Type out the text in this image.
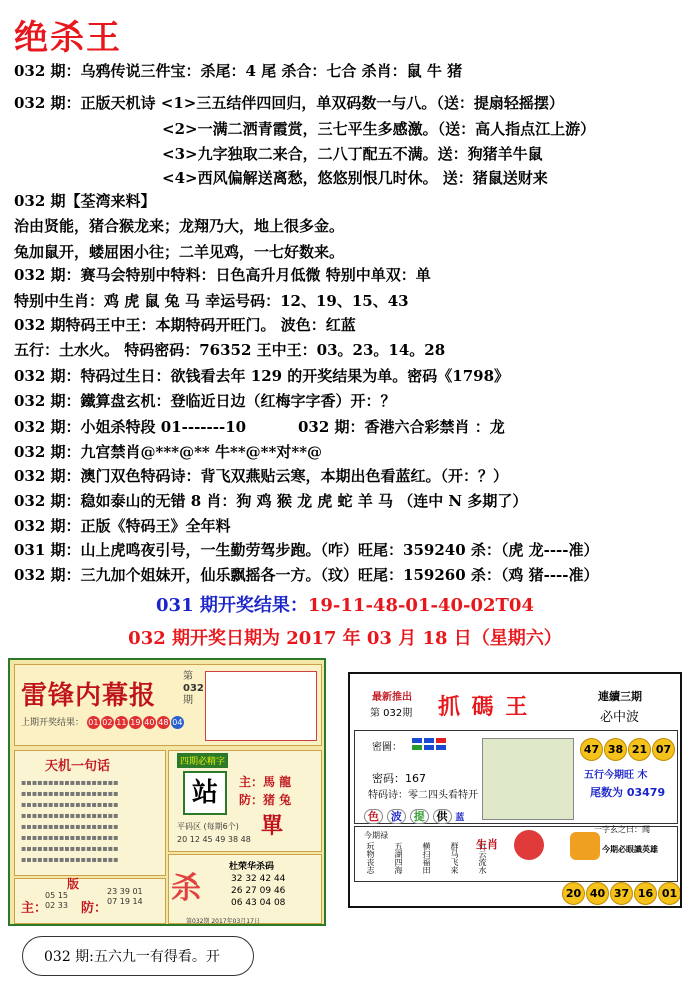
绝杀王
032 期：乌鸦传说三件宝：杀尾：4 尾 杀合：七合 杀肖：鼠 牛 猪
032 期：正版天机诗 <1>三五结伴四回归，单双码数一与八。（送：提扇轻摇摆）
<2>一满二洒青霞赏，三七平生多感激。（送：高人指点江上游）
<3>九字独取二来合，二八丁配五不满。送：狗猪羊牛鼠
<4>西风偏解送离愁，悠悠别恨几时休。 送：猪鼠送财来
032 期【荃湾来料】
治由贤能，猪合猴龙来；龙翔乃大，地上很多金。
兔加鼠开，蝼屈困小往；二羊见鸡，一七好数来。
032 期：赛马会特别中特料：日色高升月低微 特别中单双：单
特别中生肖：鸡 虎 鼠 兔 马 幸运号码：12、19、15、43
032 期特码王中王：本期特码开旺门。 波色：红蓝
五行：土水火。 特码密码：76352 王中王：03。23。14。28
032 期：特码过生日：欲钱看去年 129 的开奖结果为单。密码《1798》
032 期：鐵算盘玄机：登临近日边（红梅字字香）开：？
032 期：小姐杀特段 01-------10	032 期：香港六合彩禁肖 ：龙
032 期：九宫禁肖@***@** 牛**@**对**@
032 期：澳门双色特码诗：背飞双燕贴云寒，本期出色看蓝红。（开：？）
032 期：稳如泰山的无错 8 肖：狗 鸡 猴 龙 虎 蛇 羊 马 （连中 N 多期了）
032 期：正版《特码王》全年料
031 期：山上虎鸣夜引号，一生勤劳驾步跑。（咋）旺尾：359240 杀：（虎 龙----准）
032 期：三九加个姐妹开，仙乐飘摇各一方。（玟）旺尾：159260 杀：（鸡 猪----准）
031 期开奖结果：19-11-48-01-40-02T04
032 期开奖日期为 2017 年 03 月 18 日（星期六）
雷锋内幕报
第
032
期
上期开奖结果： 01 02 11 19 40 48 04
天机一句话
▪▪▪▪▪▪▪▪▪▪▪▪▪▪▪▪▪▪
▪▪▪▪▪▪▪▪▪▪▪▪▪▪▪▪▪▪
▪▪▪▪▪▪▪▪▪▪▪▪▪▪▪▪▪▪
▪▪▪▪▪▪▪▪▪▪▪▪▪▪▪▪▪▪
▪▪▪▪▪▪▪▪▪▪▪▪▪▪▪▪▪▪
▪▪▪▪▪▪▪▪▪▪▪▪▪▪▪▪▪▪
▪▪▪▪▪▪▪▪▪▪▪▪▪▪▪▪▪▪
▪▪▪▪▪▪▪▪▪▪▪▪▪▪▪▪▪▪
四期必精字
站	主：馬 龍
防：猪 兔
單
平码区 (每期6个)
20 12 45 49 38 48
版
主：
05 15
02 33 防：
23 39 01
07 19 14 杀
杜荣华杀码
32 32 42 44
26 27 09 46
06 43 04 08
第032期 2017年03月17日
最新推出
第 032期 抓 碼 王	連續三期
必中波
密圖：
密码：167
特码诗：零二四头看特开
47 38 21 07
五行今期旺 木
尾数为 03479
色 波 提 供 蓝
今期禄
玩物丧志 五湖四海 横扫福田 群马飞来 行云流水
生肖
一字玄之曰：闻
今期必眼識英雄
20 40 37 16 01
032 期:五六九一有得看。开
